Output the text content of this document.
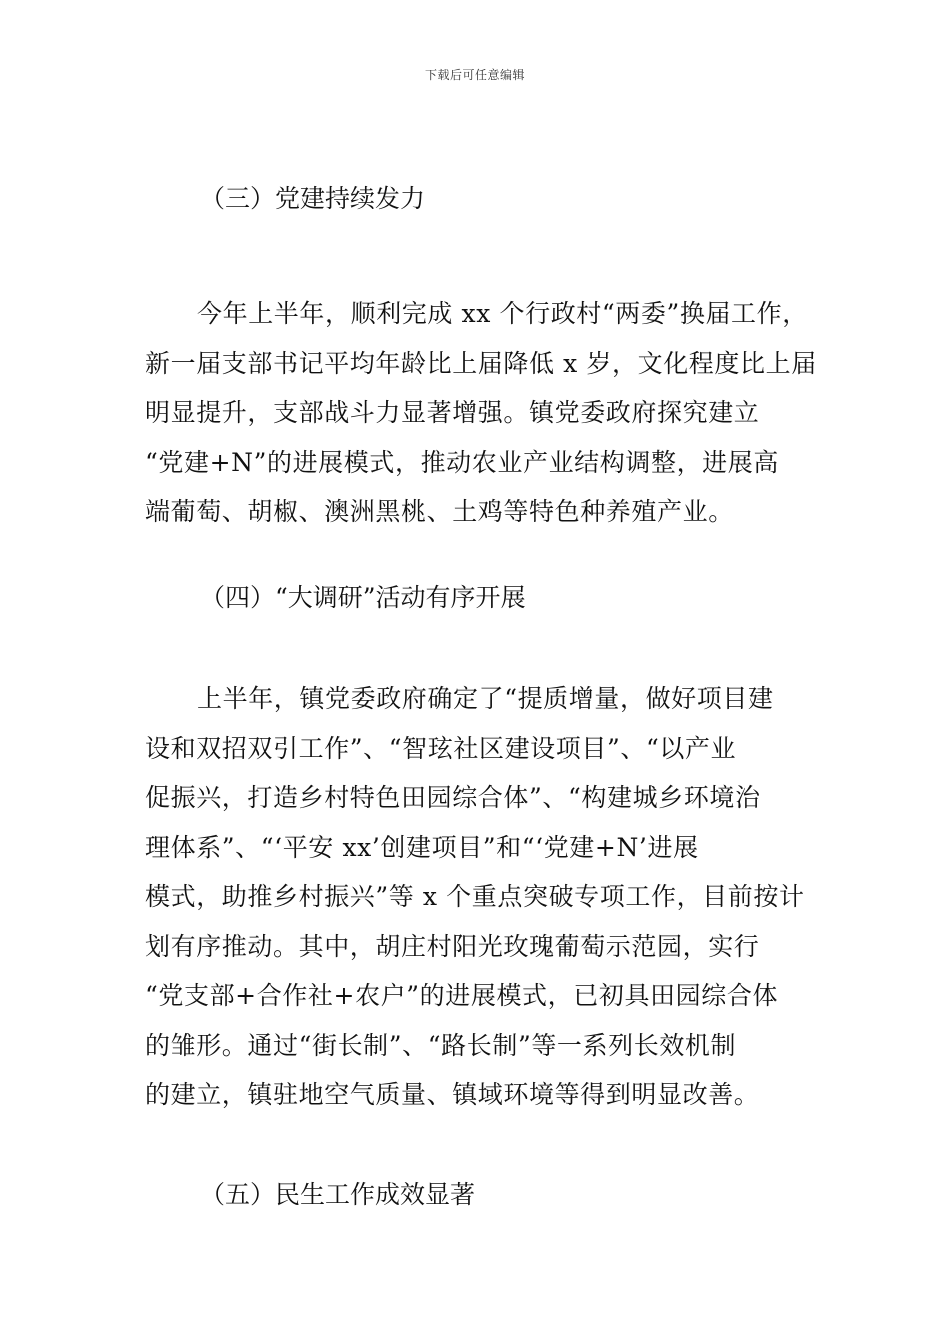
下载后可任意编辑
（三）党建持续发力
今年上半年，顺利完成 xx 个行政村“两委”换届工作，
新一届支部书记平均年龄比上届降低 x 岁，文化程度比上届
明显提升，支部战斗力显著增强。镇党委政府探究建立
“党建+N”的进展模式，推动农业产业结构调整，进展高
端葡萄、胡椒、澳洲黑桃、土鸡等特色种养殖产业。
（四）“大调研”活动有序开展
上半年，镇党委政府确定了“提质增量，做好项目建
设和双招双引工作”、“智玹社区建设项目”、“以产业
促振兴，打造乡村特色田园综合体”、“构建城乡环境治
理体系”、“‘平安 xx’创建项目”和“‘党建+N’进展
模式，助推乡村振兴”等 x 个重点突破专项工作，目前按计
划有序推动。其中，胡庄村阳光玫瑰葡萄示范园，实行
“党支部+合作社+农户”的进展模式，已初具田园综合体
的雏形。通过“街长制”、“路长制”等一系列长效机制
的建立，镇驻地空气质量、镇域环境等得到明显改善。
（五）民生工作成效显著
